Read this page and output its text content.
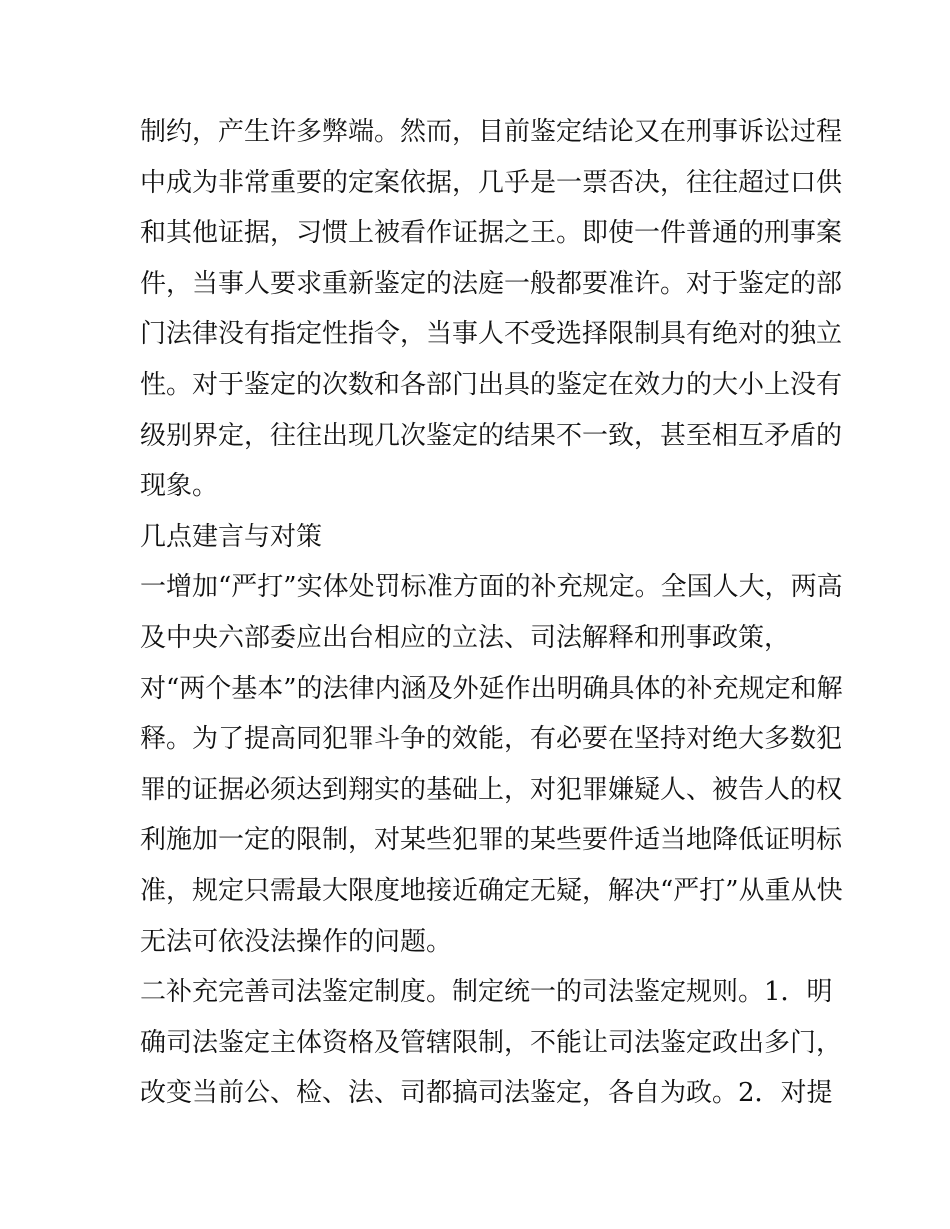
制约，产生许多弊端。然而，目前鉴定结论又在刑事诉讼过程
中成为非常重要的定案依据，几乎是一票否决，往往超过口供
和其他证据，习惯上被看作证据之王。即使一件普通的刑事案
件，当事人要求重新鉴定的法庭一般都要准许。对于鉴定的部
门法律没有指定性指令，当事人不受选择限制具有绝对的独立
性。对于鉴定的次数和各部门出具的鉴定在效力的大小上没有
级别界定，往往出现几次鉴定的结果不一致，甚至相互矛盾的
现象。
几点建言与对策
一增加“严打”实体处罚标准方面的补充规定。全国人大，两高
及中央六部委应出台相应的立法、司法解释和刑事政策，
对“两个基本”的法律内涵及外延作出明确具体的补充规定和解
释。为了提高同犯罪斗争的效能，有必要在坚持对绝大多数犯
罪的证据必须达到翔实的基础上，对犯罪嫌疑人、被告人的权
利施加一定的限制，对某些犯罪的某些要件适当地降低证明标
准，规定只需最大限度地接近确定无疑，解决“严打”从重从快
无法可依没法操作的问题。
二补充完善司法鉴定制度。制定统一的司法鉴定规则。1．明
确司法鉴定主体资格及管辖限制，不能让司法鉴定政出多门，
改变当前公、检、法、司都搞司法鉴定，各自为政。2．对提
